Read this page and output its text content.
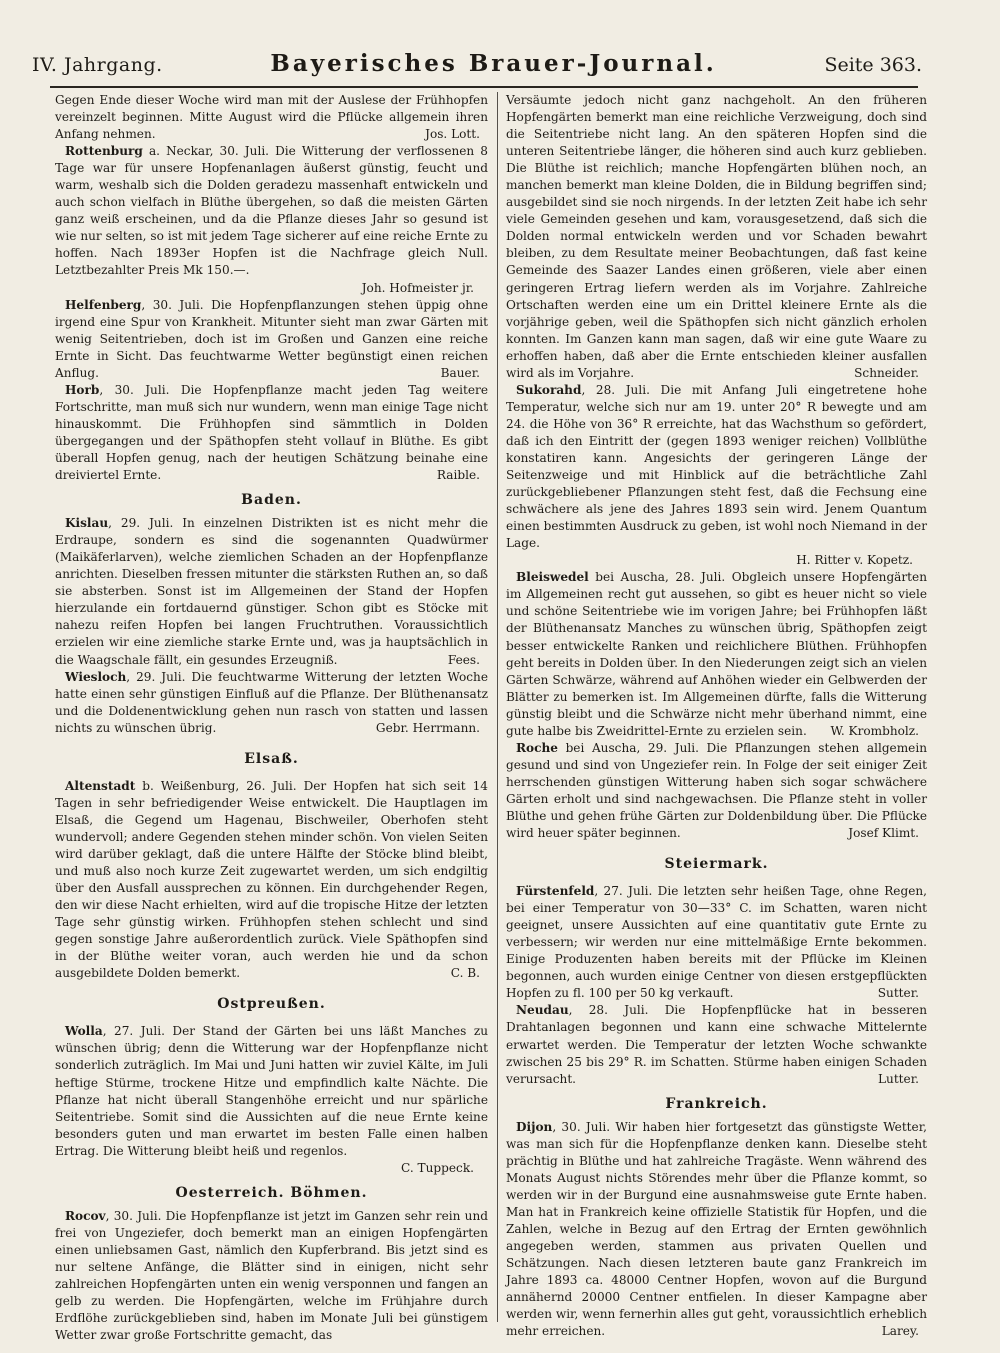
IV. Jahrgang.	Bayerisches Brauer-Journal.	Seite 363.

Gegen Ende dieser Woche wird man mit der Auslese der Frühhopfen vereinzelt beginnen. Mitte August wird die Pflücke allgemein ihren Anfang nehmen.	Jos. Lott.

Rottenburg a. Neckar, 30. Juli. Die Witterung der verflossenen 8 Tage war für unsere Hopfenanlagen äußerst günstig, feucht und warm, weshalb sich die Dolden geradezu massenhaft entwickeln und auch schon vielfach in Blüthe übergehen, so daß die meisten Gärten ganz weiß erscheinen, und da die Pflanze dieses Jahr so gesund ist wie nur selten, so ist mit jedem Tage sicherer auf eine reiche Ernte zu hoffen. Nach 1893er Hopfen ist die Nachfrage gleich Null. Letztbezahlter Preis Mk 150.—.

Joh. Hofmeister jr.

Helfenberg, 30. Juli. Die Hopfenpflanzungen stehen üppig ohne irgend eine Spur von Krankheit. Mitunter sieht man zwar Gärten mit wenig Seitentrieben, doch ist im Großen und Ganzen eine reiche Ernte in Sicht. Das feuchtwarme Wetter begünstigt einen reichen Anflug.	Bauer.

Horb, 30. Juli. Die Hopfenpflanze macht jeden Tag weitere Fortschritte, man muß sich nur wundern, wenn man einige Tage nicht hinauskommt. Die Frühhopfen sind sämmtlich in Dolden übergegangen und der Späthopfen steht vollauf in Blüthe. Es gibt überall Hopfen genug, nach der heutigen Schätzung beinahe eine dreiviertel Ernte.	Raible.

Baden.

Kislau, 29. Juli. In einzelnen Distrikten ist es nicht mehr die Erdraupe, sondern es sind die sogenannten Quadwürmer (Maikäferlarven), welche ziemlichen Schaden an der Hopfenpflanze anrichten. Dieselben fressen mitunter die stärksten Ruthen an, so daß sie absterben. Sonst ist im Allgemeinen der Stand der Hopfen hierzulande ein fortdauernd günstiger. Schon gibt es Stöcke mit nahezu reifen Hopfen bei langen Fruchtruthen. Voraussichtlich erzielen wir eine ziemliche starke Ernte und, was ja hauptsächlich in die Waagschale fällt, ein gesundes Erzeugniß.	Fees.

Wiesloch, 29. Juli. Die feuchtwarme Witterung der letzten Woche hatte einen sehr günstigen Einfluß auf die Pflanze. Der Blüthenansatz und die Doldenentwicklung gehen nun rasch von statten und lassen nichts zu wünschen übrig.	Gebr. Herrmann.

Elsaß.

Altenstadt b. Weißenburg, 26. Juli. Der Hopfen hat sich seit 14 Tagen in sehr befriedigender Weise entwickelt. Die Hauptlagen im Elsaß, die Gegend um Hagenau, Bischweiler, Oberhofen steht wundervoll; andere Gegenden stehen minder schön. Von vielen Seiten wird darüber geklagt, daß die untere Hälfte der Stöcke blind bleibt, und muß also noch kurze Zeit zugewartet werden, um sich endgiltig über den Ausfall aussprechen zu können. Ein durchgehender Regen, den wir diese Nacht erhielten, wird auf die tropische Hitze der letzten Tage sehr günstig wirken. Frühhopfen stehen schlecht und sind gegen sonstige Jahre außerordentlich zurück. Viele Späthopfen sind in der Blüthe weiter voran, auch werden hie und da schon ausgebildete Dolden bemerkt.	C. B.

Ostpreußen.

Wolla, 27. Juli. Der Stand der Gärten bei uns läßt Manches zu wünschen übrig; denn die Witterung war der Hopfenpflanze nicht sonderlich zuträglich. Im Mai und Juni hatten wir zuviel Kälte, im Juli heftige Stürme, trockene Hitze und empfindlich kalte Nächte. Die Pflanze hat nicht überall Stangenhöhe erreicht und nur spärliche Seitentriebe. Somit sind die Aussichten auf die neue Ernte keine besonders guten und man erwartet im besten Falle einen halben Ertrag. Die Witterung bleibt heiß und regenlos.

C. Tuppeck.
Oesterreich. Böhmen.

Rocov, 30. Juli. Die Hopfenpflanze ist jetzt im Ganzen sehr rein und frei von Ungeziefer, doch bemerkt man an einigen Hopfengärten einen unliebsamen Gast, nämlich den Kupferbrand. Bis jetzt sind es nur seltene Anfänge, die Blätter sind in einigen, nicht sehr zahlreichen Hopfengärten unten ein wenig versponnen und fangen an gelb zu werden. Die Hopfengärten, welche im Frühjahre durch Erdflöhe zurückgeblieben sind, haben im Monate Juli bei günstigem Wetter zwar große Fortschritte gemacht, das

Versäumte jedoch nicht ganz nachgeholt. An den früheren Hopfengärten bemerkt man eine reichliche Verzweigung, doch sind die Seitentriebe nicht lang. An den späteren Hopfen sind die unteren Seitentriebe länger, die höheren sind auch kurz geblieben. Die Blüthe ist reichlich; manche Hopfengärten blühen noch, an manchen bemerkt man kleine Dolden, die in Bildung begriffen sind; ausgebildet sind sie noch nirgends. In der letzten Zeit habe ich sehr viele Gemeinden gesehen und kam, vorausgesetzend, daß sich die Dolden normal entwickeln werden und vor Schaden bewahrt bleiben, zu dem Resultate meiner Beobachtungen, daß fast keine Gemeinde des Saazer Landes einen größeren, viele aber einen geringeren Ertrag liefern werden als im Vorjahre. Zahlreiche Ortschaften werden eine um ein Drittel kleinere Ernte als die vorjährige geben, weil die Späthopfen sich nicht gänzlich erholen konnten. Im Ganzen kann man sagen, daß wir eine gute Waare zu erhoffen haben, daß aber die Ernte entschieden kleiner ausfallen wird als im Vorjahre.	Schneider.

Sukorahd, 28. Juli. Die mit Anfang Juli eingetretene hohe Temperatur, welche sich nur am 19. unter 20° R bewegte und am 24. die Höhe von 36° R erreichte, hat das Wachsthum so gefördert, daß ich den Eintritt der (gegen 1893 weniger reichen) Vollblüthe konstatiren kann. Angesichts der geringeren Länge der Seitenzweige und mit Hinblick auf die beträchtliche Zahl zurückgebliebener Pflanzungen steht fest, daß die Fechsung eine schwächere als jene des Jahres 1893 sein wird. Jenem Quantum einen bestimmten Ausdruck zu geben, ist wohl noch Niemand in der Lage.

H. Ritter v. Kopetz.

Bleiswedel bei Auscha, 28. Juli. Obgleich unsere Hopfengärten im Allgemeinen recht gut aussehen, so gibt es heuer nicht so viele und schöne Seitentriebe wie im vorigen Jahre; bei Frühhopfen läßt der Blüthenansatz Manches zu wünschen übrig, Späthopfen zeigt besser entwickelte Ranken und reichlichere Blüthen. Frühhopfen geht bereits in Dolden über. In den Niederungen zeigt sich an vielen Gärten Schwärze, während auf Anhöhen wieder ein Gelbwerden der Blätter zu bemerken ist. Im Allgemeinen dürfte, falls die Witterung günstig bleibt und die Schwärze nicht mehr überhand nimmt, eine gute halbe bis Zweidrittel-Ernte zu erzielen sein.	W. Krombholz.

Roche bei Auscha, 29. Juli. Die Pflanzungen stehen allgemein gesund und sind von Ungeziefer rein. In Folge der seit einiger Zeit herrschenden günstigen Witterung haben sich sogar schwächere Gärten erholt und sind nachgewachsen. Die Pflanze steht in voller Blüthe und gehen frühe Gärten zur Doldenbildung über. Die Pflücke wird heuer später beginnen.	Josef Klimt.

Steiermark.

Fürstenfeld, 27. Juli. Die letzten sehr heißen Tage, ohne Regen, bei einer Temperatur von 30—33° C. im Schatten, waren nicht geeignet, unsere Aussichten auf eine quantitativ gute Ernte zu verbessern; wir werden nur eine mittelmäßige Ernte bekommen. Einige Produzenten haben bereits mit der Pflücke im Kleinen begonnen, auch wurden einige Centner von diesen erstgepflückten Hopfen zu fl. 100 per 50 kg verkauft.	Sutter.

Neudau, 28. Juli. Die Hopfenpflücke hat in besseren Drahtanlagen begonnen und kann eine schwache Mittelernte erwartet werden. Die Temperatur der letzten Woche schwankte zwischen 25 bis 29° R. im Schatten. Stürme haben einigen Schaden verursacht.	Lutter.

Frankreich.

Dijon, 30. Juli. Wir haben hier fortgesetzt das günstigste Wetter, was man sich für die Hopfenpflanze denken kann. Dieselbe steht prächtig in Blüthe und hat zahlreiche Tragäste. Wenn während des Monats August nichts Störendes mehr über die Pflanze kommt, so werden wir in der Burgund eine ausnahmsweise gute Ernte haben. Man hat in Frankreich keine offizielle Statistik für Hopfen, und die Zahlen, welche in Bezug auf den Ertrag der Ernten gewöhnlich angegeben werden, stammen aus privaten Quellen und Schätzungen. Nach diesen letzteren baute ganz Frankreich im Jahre 1893 ca. 48000 Centner Hopfen, wovon auf die Burgund annähernd 20000 Centner entfielen. In dieser Kampagne aber werden wir, wenn fernerhin alles gut geht, voraussichtlich erheblich mehr erreichen.	Larey.
